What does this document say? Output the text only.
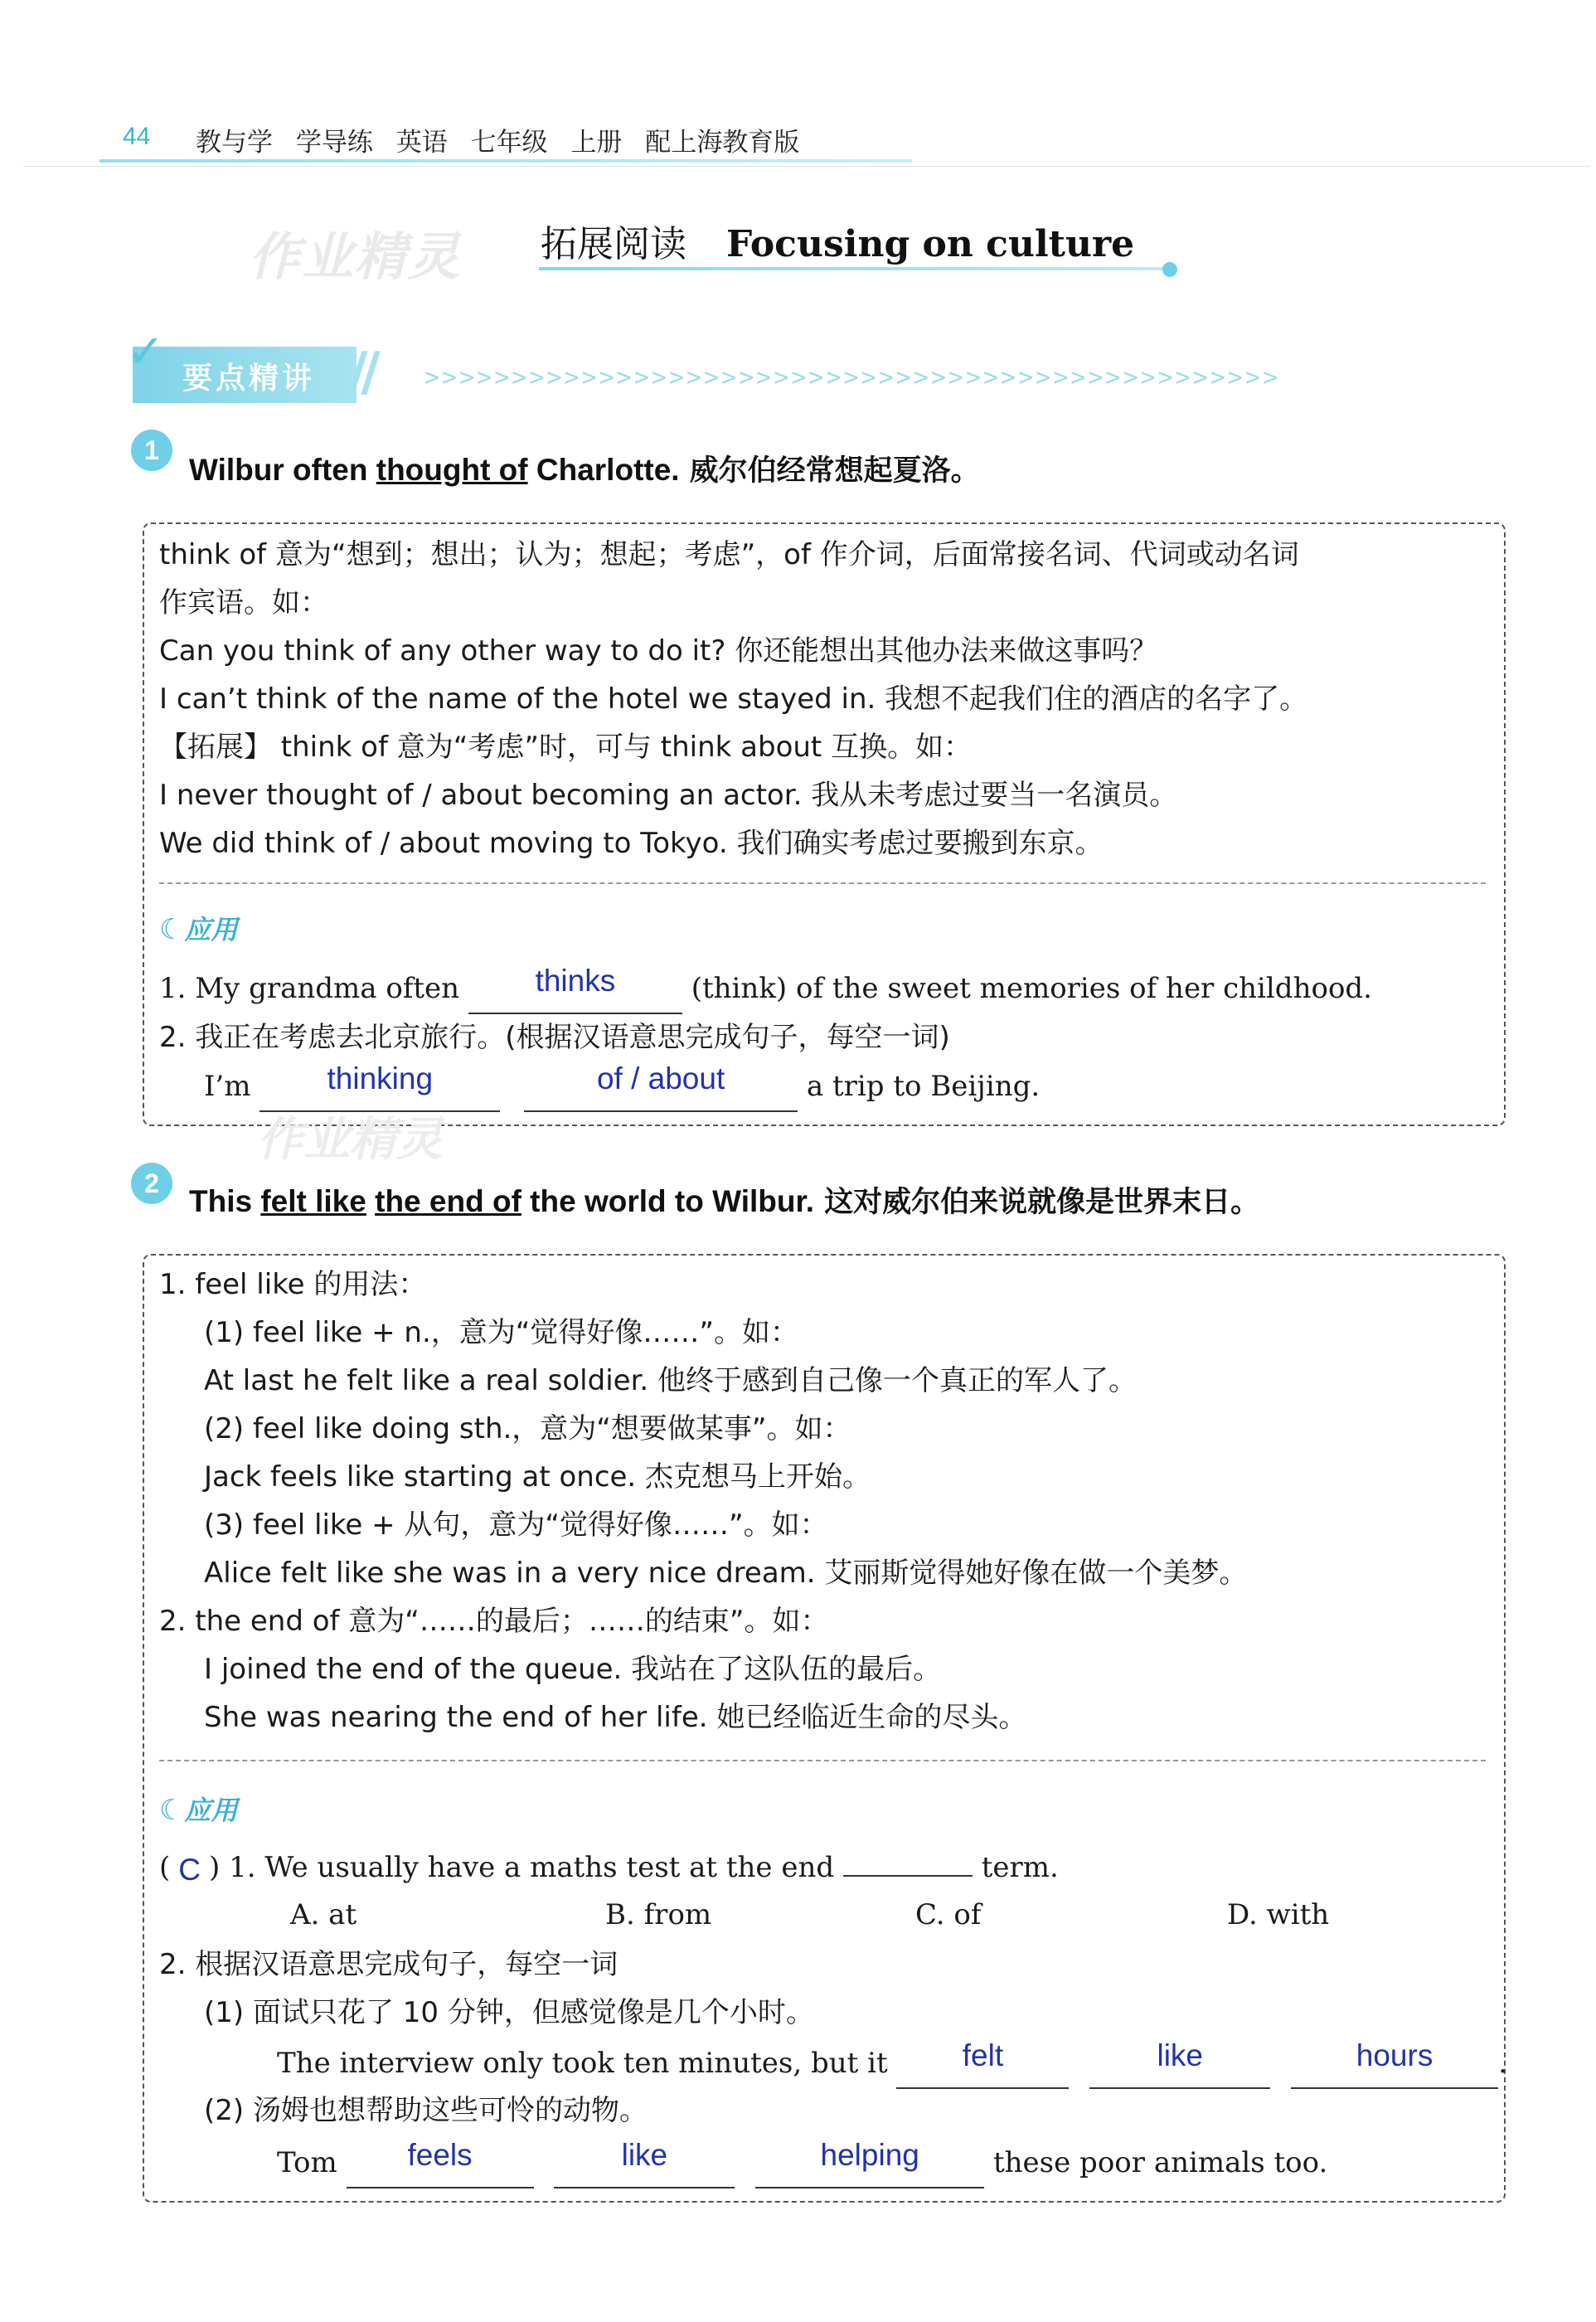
44 教与学 学导练 英语 七年级 上册 配上海教育版
作业精灵 拓展阅读 Focusing on culture
✓ 要点精讲 // >>>>>>>>>>>>>>>>>>>>>>>>>>>>>>>>>>>>>>>>>>>>>>>>>
1
Wilbur often thought of Charlotte. 威尔伯经常想起夏洛。
think of 意为“想到；想出；认为；想起；考虑”，of 作介词，后面常接名词、代词或动名词
作宾语。如：
Can you think of any other way to do it? 你还能想出其他办法来做这事吗？
I can’t think of the name of the hotel we stayed in. 我想不起我们住的酒店的名字了。
【拓展】 think of 意为“考虑”时，可与 think about 互换。如：
I never thought of / about becoming an actor. 我从未考虑过要当一名演员。
We did think of / about moving to Tokyo. 我们确实考虑过要搬到东京。
☾应用
1. My grandma often thinks	(think) of the sweet memories of her childhood.
2. 我正在考虑去北京旅行。(根据汉语意思完成句子，每空一词)
I’m thinking	of / about	a trip to Beijing.
作业精灵
2
This felt like the end of the world to Wilbur. 这对威尔伯来说就像是世界末日。
1. feel like 的用法：
(1) feel like + n.，意为“觉得好像……”。如：
At last he felt like a real soldier. 他终于感到自己像一个真正的军人了。
(2) feel like doing sth.，意为“想要做某事”。如：
Jack feels like starting at once. 杰克想马上开始。
(3) feel like + 从句，意为“觉得好像……”。如：
Alice felt like she was in a very nice dream. 艾丽斯觉得她好像在做一个美梦。
2. the end of 意为“……的最后；……的结束”。如：
I joined the end of the queue. 我站在了这队伍的最后。
She was nearing the end of her life. 她已经临近生命的尽头。
☾应用
( C ) 1. We usually have a maths test at the end	term.
A. at	B. from	C. of	D. with
2. 根据汉语意思完成句子，每空一词
(1) 面试只花了 10 分钟，但感觉像是几个小时。
The interview only took ten minutes, but it felt	like	hours .
(2) 汤姆也想帮助这些可怜的动物。
Tom feels	like	helping	these poor animals too.
